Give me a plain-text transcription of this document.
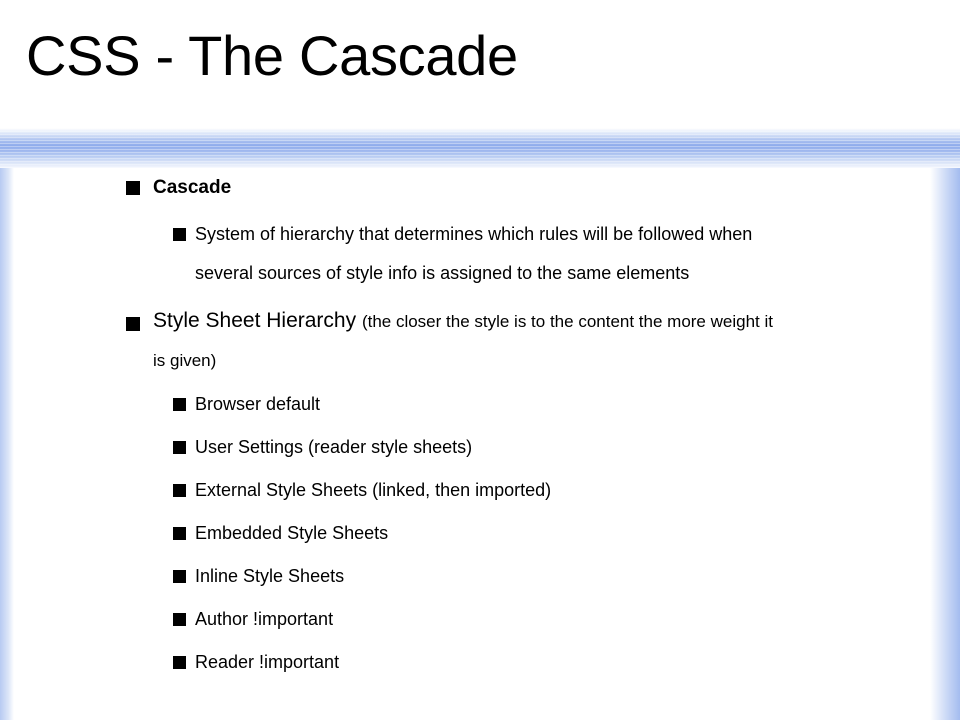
CSS - The Cascade
Cascade
System of hierarchy that determines which rules will be followed when
several sources of style info is assigned to the same elements
Style Sheet Hierarchy (the closer the style is to the content the more weight it
is given)
Browser default
User Settings (reader style sheets)
External Style Sheets (linked, then imported)
Embedded Style Sheets
Inline Style Sheets
Author !important
Reader !important
